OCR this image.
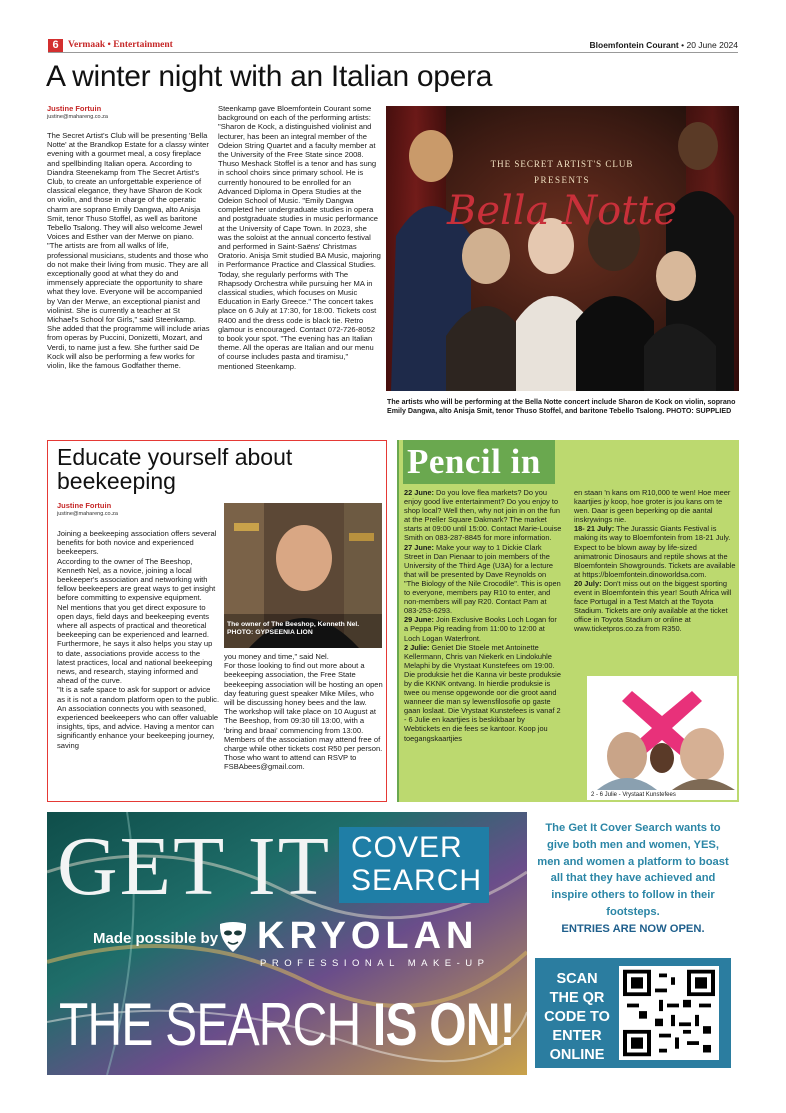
6 Vermaak • Entertainment	Bloemfontein Courant • 20 June 2024
A winter night with an Italian opera
Justine Fortuin
justine@mahareng.co.za
The Secret Artist's Club will be presenting 'Bella Notte' at the Brandkop Estate for a classy winter evening with a gourmet meal, a cosy fireplace and spellbinding Italian opera. According to Diandra Steenekamp from The Secret Artist's Club, to create an unforgettable experience of classical elegance, they have Sharon de Kock on violin, and those in charge of the operatic charm are soprano Emily Dangwa, alto Anisja Smit, tenor Thuso Stoffel, as well as baritone Tebello Tsalong. They will also welcome Jewel Voices and Esther van der Merwe on piano. "The artists are from all walks of life, professional musicians, students and those who do not make their living from music. They are all exceptionally good at what they do and immensely appreciate the opportunity to share what they love. Everyone will be accompanied by Van der Merwe, an exceptional pianist and violinist. She is currently a teacher at St Michael's School for Girls," said Steenkamp.
She added that the programme will include arias from operas by Puccini, Donizetti, Mozart, and Verdi, to name just a few. She further said De Kock will also be performing a few works for violin, like the famous Godfather theme.
Steenkamp gave Bloemfontein Courant some background on each of the performing artists: "Sharon de Kock, a distinguished violinist and lecturer, has been an integral member of the Odeion String Quartet and a faculty member at the University of the Free State since 2008. Thuso Meshack Stoffel is a tenor and has sung in school choirs since primary school. He is currently honoured to be enrolled for an Advanced Diploma in Opera Studies at the Odeion School of Music. "Emily Dangwa completed her undergraduate studies in opera and postgraduate studies in music performance at the University of Cape Town. In 2023, she was the soloist at the annual concerto festival and performed in Saint-Saëns' Christmas Oratorio. Anisja Smit studied BA Music, majoring in Performance Practice and Classical Studies. Today, she regularly performs with The Rhapsody Orchestra while pursuing her MA in classical studies, which focuses on Music Education in Early Greece." The concert takes place on 6 July at 17:30, for 18:00. Tickets cost R400 and the dress code is black tie. Retro glamour is encouraged. Contact 072-726-8052 to book your spot. "The evening has an Italian theme. All the operas are Italian and our menu of course includes pasta and tiramisu," mentioned Steenkamp.
THE SECRET ARTIST'S CLUB
PRESENTS
Bella Notte
The artists who will be performing at the Bella Notte concert include Sharon de Kock on violin, soprano Emily Dangwa, alto Anisja Smit, tenor Thuso Stoffel, and baritone Tebello Tsalong. PHOTO: SUPPLIED
Educate yourself about beekeeping
Justine Fortuin
justine@mahareng.co.za
Joining a beekeeping association offers several benefits for both novice and experienced beekeepers.
According to the owner of The Beeshop, Kenneth Nel, as a novice, joining a local beekeeper's association and networking with fellow beekeepers are great ways to get insight before committing to expensive equipment.
Nel mentions that you get direct exposure to open days, field days and beekeeping events where all aspects of practical and theoretical beekeeping can be experienced and learned.
Furthermore, he says it also helps you stay up to date, associations provide access to the latest practices, local and national beekeeping news, and research, staying informed and ahead of the curve.
"It is a safe space to ask for support or advice as it is not a random platform open to the public.
An association connects you with seasoned, experienced beekeepers who can offer valuable insights, tips, and advice. Having a mentor can significantly enhance your beekeeping journey, saving
The owner of The Beeshop, Kenneth Nel. PHOTO: GYPSEENIA LION
you money and time," said Nel.
For those looking to find out more about a beekeeping association, the Free State beekeeping association will be hosting an open day featuring guest speaker Mike Miles, who will be discussing honey bees and the law.
The workshop will take place on 10 August at The Beeshop, from 09:30 till 13:00, with a 'bring and braai' commencing from 13:00. Members of the association may attend free of charge while other tickets cost R50 per person.
Those who want to attend can RSVP to FSBAbees@gmail.com.
Pencil in

22 June: Do you love flea markets? Do you enjoy good live entertainment? Do you enjoy to shop local? Well then, why not join in on the fun at the Preller Square Dakmark? The market starts at 09:00 until 15:00. Contact Marie-Louise Smith on 083-287-8845 for more information.

27 June: Make your way to 1 Dickie Clark Street in Dan Pienaar to join members of the University of the Third Age (U3A) for a lecture that will be presented by Dave Reynolds on "The Biology of the Nile Crocodile". This is open to everyone, members pay R10 to enter, and non-members will pay R20. Contact Pam at 083-253-6293.

29 June: Join Exclusive Books Loch Logan for a Peppa Pig reading from 11:00 to 12:00 at Loch Logan Waterfront.

2 Julie: Geniet Die Stoele met Antoinette Kellermann, Chris van Niekerk en Lindokuhle Melaphi by die Vrystaat Kunstefees om 19:00. Die produksie het die Kanna vir beste produksie by die KKNK ontvang. In hierdie produksie is twee ou mense opgewonde oor die groot aand wanneer die man sy lewensfilosofie op gaste gaan loslaat. Die Vrystaat Kunstefees is vanaf 2 - 6 Julie en kaartjies is beskikbaar by Webtickets en die fees se kantoor. Koop jou toegangskaartjies

en staan 'n kans om R10,000 te wen! Hoe meer kaartjies jy koop, hoe groter is jou kans om te wen. Daar is geen beperking op die aantal inskrywings nie.

18- 21 July: The Jurassic Giants Festival is making its way to Bloemfontein from 18-21 July. Expect to be blown away by life-sized animatronic Dinosaurs and reptile shows at the Bloemfontein Showgrounds. Tickets are available at https://bloemfontein.dinoworldsa.com.

20 July: Don't miss out on the biggest sporting event in Bloemfontein this year! South Africa will face Portugal in a Test Match at the Toyota Stadium. Tickets are only available at the ticket office in Toyota Stadium or online at www.ticketpros.co.za from R350.

2 - 6 Julie - Vrystaat Kunstefees
GET IT COVER
SEARCH
Made possible by KRYOLAN
PROFESSIONAL MAKE-UP
THE SEARCH IS ON!
The Get It Cover Search wants to give both men and women, YES, men and women a platform to boast all that they have achieved and inspire others to follow in their footsteps.
ENTRIES ARE NOW OPEN.
SCAN THE QR CODE TO ENTER ONLINE
